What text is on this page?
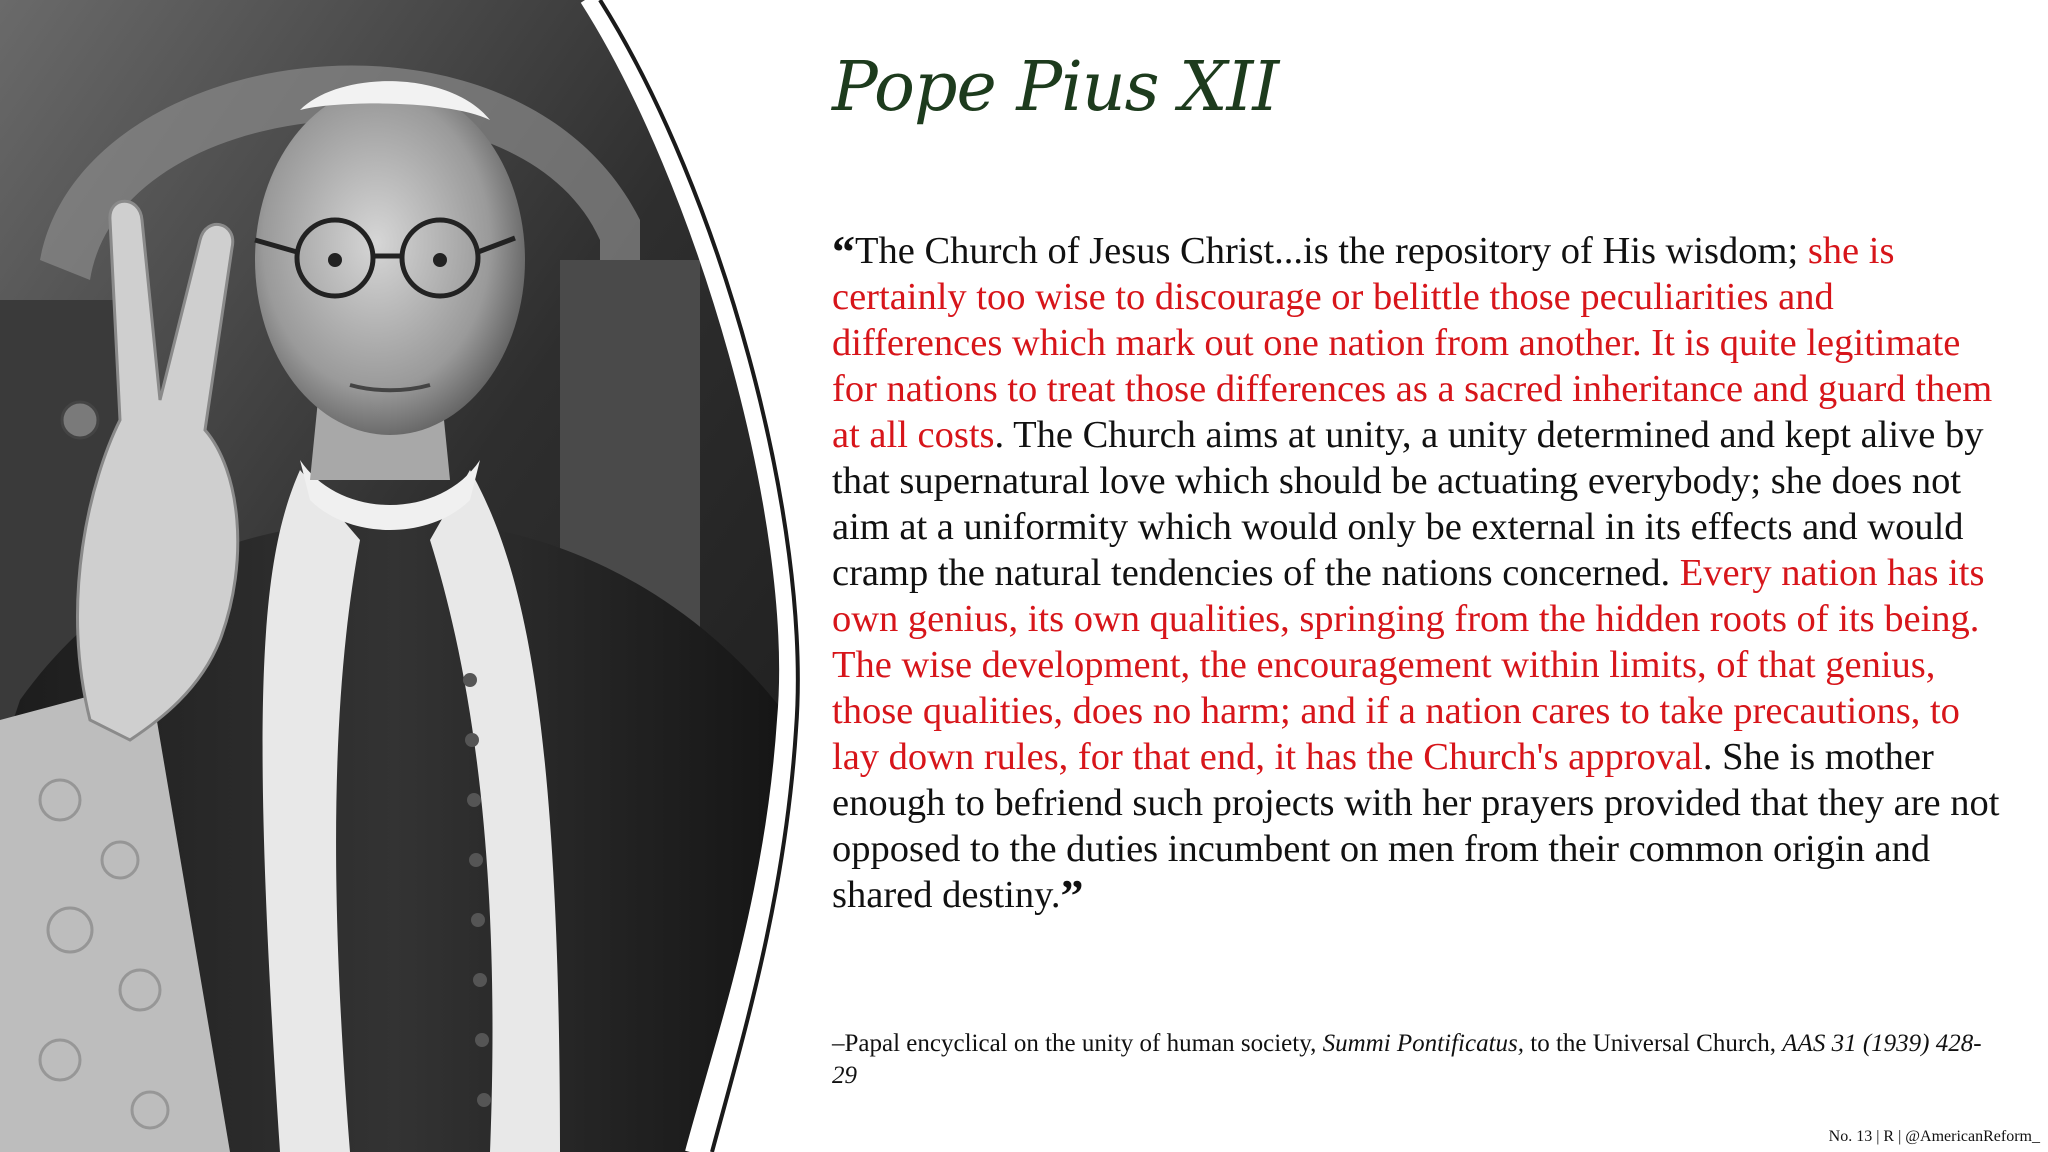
Pope Pius XII

“The Church of Jesus Christ...is the repository of His wisdom; she is certainly too wise to discourage or belittle those peculiarities and differences which mark out one nation from another. It is quite legitimate for nations to treat those differences as a sacred inheritance and guard them at all costs. The Church aims at unity, a unity determined and kept alive by that supernatural love which should be actuating everybody; she does not aim at a uniformity which would only be external in its effects and would cramp the natural tendencies of the nations concerned. Every nation has its own genius, its own qualities, springing from the hidden roots of its being. The wise development, the encouragement within limits, of that genius, those qualities, does no harm; and if a nation cares to take precautions, to lay down rules, for that end, it has the Church's approval. She is mother enough to befriend such projects with her prayers provided that they are not opposed to the duties incumbent on men from their common origin and shared destiny.”

–Papal encyclical on the unity of human society, Summi Pontificatus, to the Universal Church, AAS 31 (1939) 428-29

No. 13 | R | @AmericanReform_
